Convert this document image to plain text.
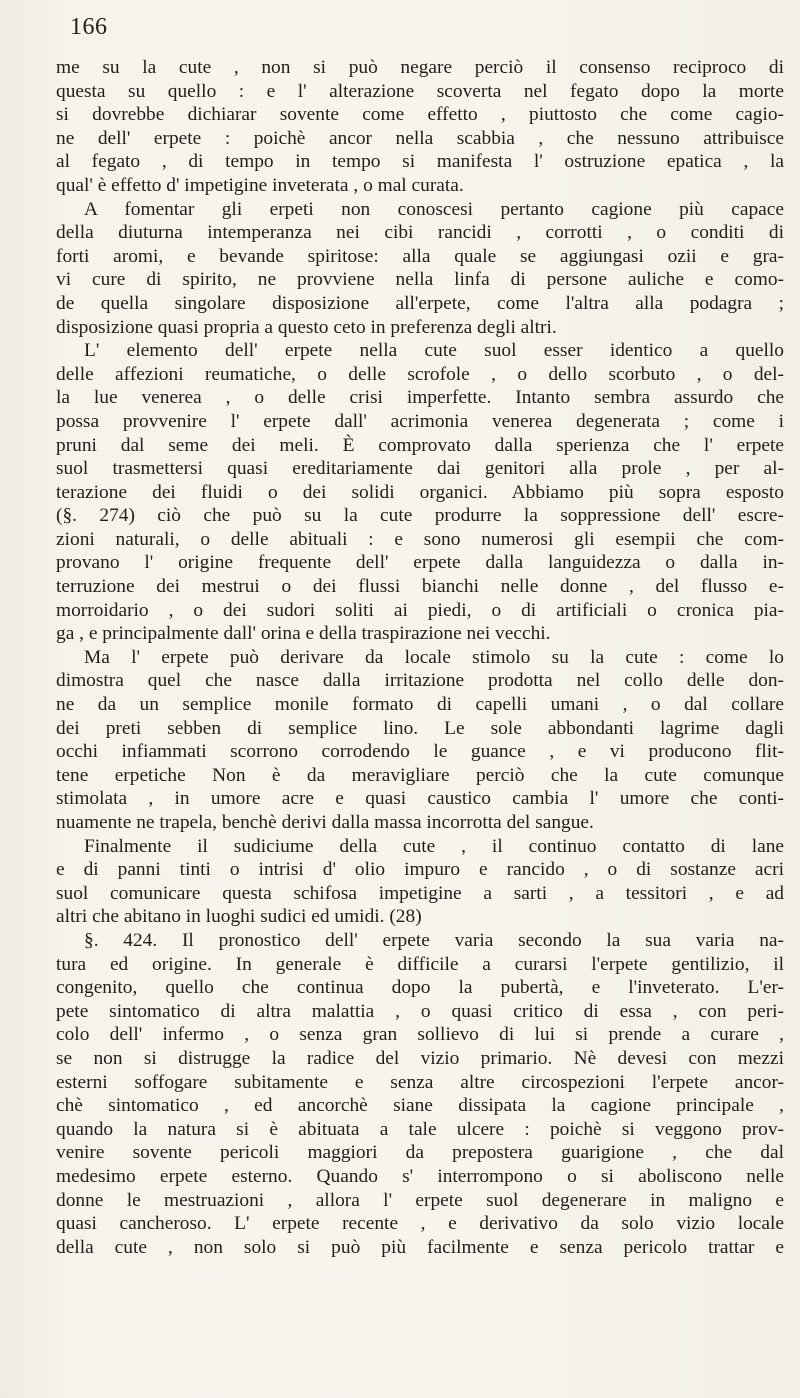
166
me su la cute , non si può negare perciò il consenso reciproco di
questa su quello : e l' alterazione scoverta nel fegato dopo la morte
si dovrebbe dichiarar sovente come effetto , piuttosto che come cagio-
ne dell' erpete : poichè ancor nella scabbia , che nessuno attribuisce
al fegato , di tempo in tempo si manifesta l' ostruzione epatica , la
qual' è effetto d' impetigine inveterata , o mal curata.
A fomentar gli erpeti non conoscesi pertanto cagione più capace
della diuturna intemperanza nei cibi rancidi , corrotti , o conditi di
forti aromi, e bevande spiritose: alla quale se aggiungasi ozii e gra-
vi cure di spirito, ne provviene nella linfa di persone auliche e como-
de quella singolare disposizione all'erpete, come l'altra alla podagra ;
disposizione quasi propria a questo ceto in preferenza degli altri.
L' elemento dell' erpete nella cute suol esser identico a quello
delle affezioni reumatiche, o delle scrofole , o dello scorbuto , o del-
la lue venerea , o delle crisi imperfette. Intanto sembra assurdo che
possa provvenire l' erpete dall' acrimonia venerea degenerata ; come i
pruni dal seme dei meli. È comprovato dalla sperienza che l' erpete
suol trasmettersi quasi ereditariamente dai genitori alla prole , per al-
terazione dei fluidi o dei solidi organici. Abbiamo più sopra esposto
(§. 274) ciò che può su la cute produrre la soppressione dell' escre-
zioni naturali, o delle abituali : e sono numerosi gli esempii che com-
provano l' origine frequente dell' erpete dalla languidezza o dalla in-
terruzione dei mestrui o dei flussi bianchi nelle donne , del flusso e-
morroidario , o dei sudori soliti ai piedi, o di artificiali o cronica pia-
ga , e principalmente dall' orina e della traspirazione nei vecchi.
Ma l' erpete può derivare da locale stimolo su la cute : come lo
dimostra quel che nasce dalla irritazione prodotta nel collo delle don-
ne da un semplice monile formato di capelli umani , o dal collare
dei preti sebben di semplice lino. Le sole abbondanti lagrime dagli
occhi infiammati scorrono corrodendo le guance , e vi producono flit-
tene erpetiche Non è da meravigliare perciò che la cute comunque
stimolata , in umore acre e quasi caustico cambia l' umore che conti-
nuamente ne trapela, benchè derivi dalla massa incorrotta del sangue.
Finalmente il sudiciume della cute , il continuo contatto di lane
e di panni tinti o intrisi d' olio impuro e rancido , o di sostanze acri
suol comunicare questa schifosa impetigine a sarti , a tessitori , e ad
altri che abitano in luoghi sudici ed umidi. (28)
§. 424. Il pronostico dell' erpete varia secondo la sua varia na-
tura ed origine. In generale è difficile a curarsi l'erpete gentilizio, il
congenito, quello che continua dopo la pubertà, e l'inveterato. L'er-
pete sintomatico di altra malattia , o quasi critico di essa , con peri-
colo dell' infermo , o senza gran sollievo di lui si prende a curare ,
se non si distrugge la radice del vizio primario. Nè devesi con mezzi
esterni soffogare subitamente e senza altre circospezioni l'erpete ancor-
chè sintomatico , ed ancorchè siane dissipata la cagione principale ,
quando la natura si è abituata a tale ulcere : poichè si veggono prov-
venire sovente pericoli maggiori da prepostera guarigione , che dal
medesimo erpete esterno. Quando s' interrompono o si aboliscono nelle
donne le mestruazioni , allora l' erpete suol degenerare in maligno e
quasi cancheroso. L' erpete recente , e derivativo da solo vizio locale
della cute , non solo si può più facilmente e senza pericolo trattar e
